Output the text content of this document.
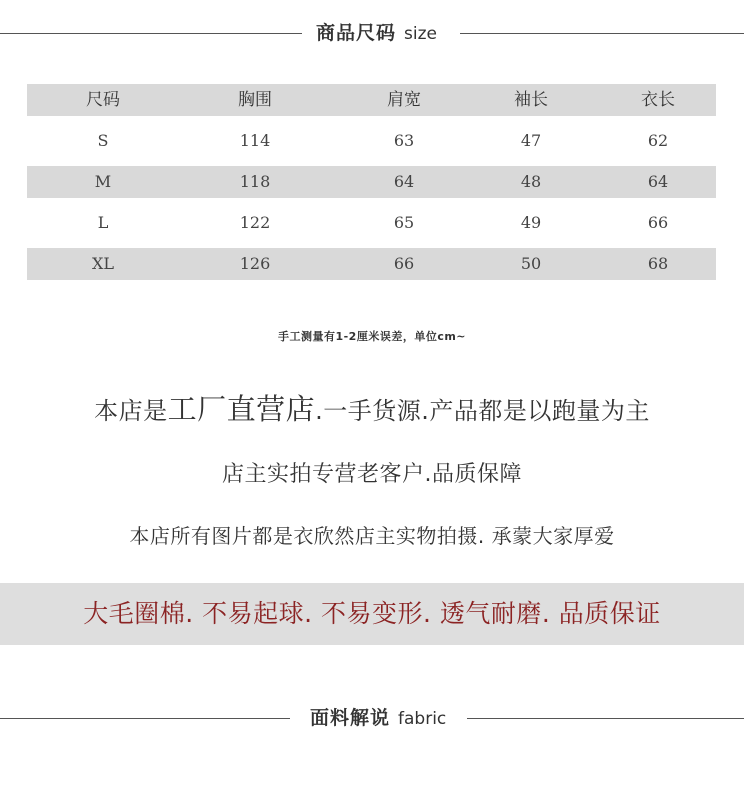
商品尺码 size
尺码	胸围	肩宽	袖长	衣长
S	114	63	47	62
M	118	64	48	64
L	122	65	49	66
XL	126	66	50	68
手工测量有1-2厘米误差，单位cm~
本店是工厂直营店.一手货源.产品都是以跑量为主
店主实拍专营老客户.品质保障
本店所有图片都是衣欣然店主实物拍摄. 承蒙大家厚爱
大毛圈棉. 不易起球. 不易变形. 透气耐磨. 品质保证
面料解说 fabric
